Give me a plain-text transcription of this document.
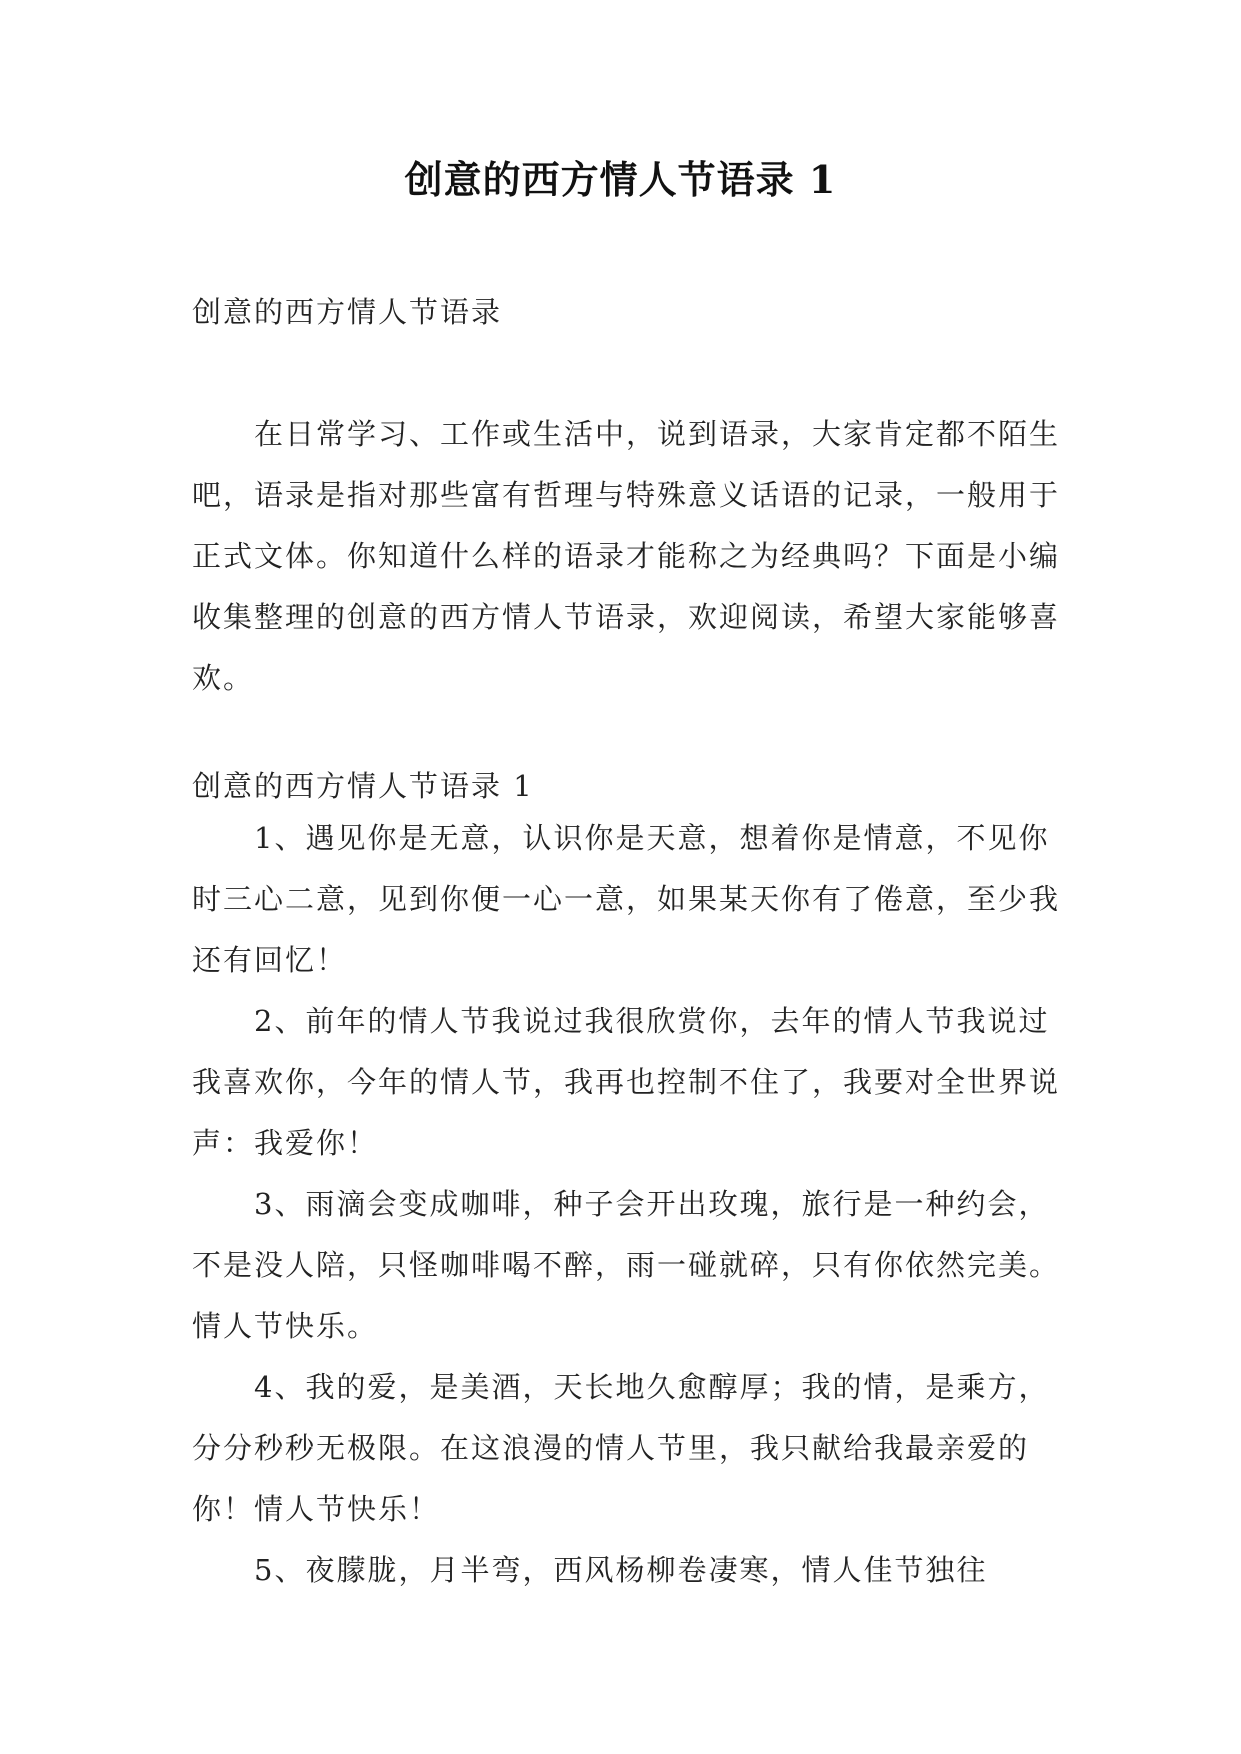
创意的西方情人节语录 1
创意的西方情人节语录
在日常学习、工作或生活中，说到语录，大家肯定都不陌生吧，语录是指对那些富有哲理与特殊意义话语的记录，一般用于正式文体。你知道什么样的语录才能称之为经典吗？下面是小编收集整理的创意的西方情人节语录，欢迎阅读，希望大家能够喜欢。
创意的西方情人节语录 1

1、遇见你是无意，认识你是天意，想着你是情意，不见你时三心二意，见到你便一心一意，如果某天你有了倦意，至少我还有回忆！

2、前年的情人节我说过我很欣赏你，去年的情人节我说过我喜欢你，今年的情人节，我再也控制不住了，我要对全世界说声：我爱你！

3、雨滴会变成咖啡，种子会开出玫瑰，旅行是一种约会，不是没人陪，只怪咖啡喝不醉，雨一碰就碎，只有你依然完美。情人节快乐。

4、我的爱，是美酒，天长地久愈醇厚；我的情，是乘方，分分秒秒无极限。在这浪漫的情人节里，我只献给我最亲爱的你！情人节快乐！

5、夜朦胧，月半弯，西风杨柳卷凄寒，情人佳节独往
